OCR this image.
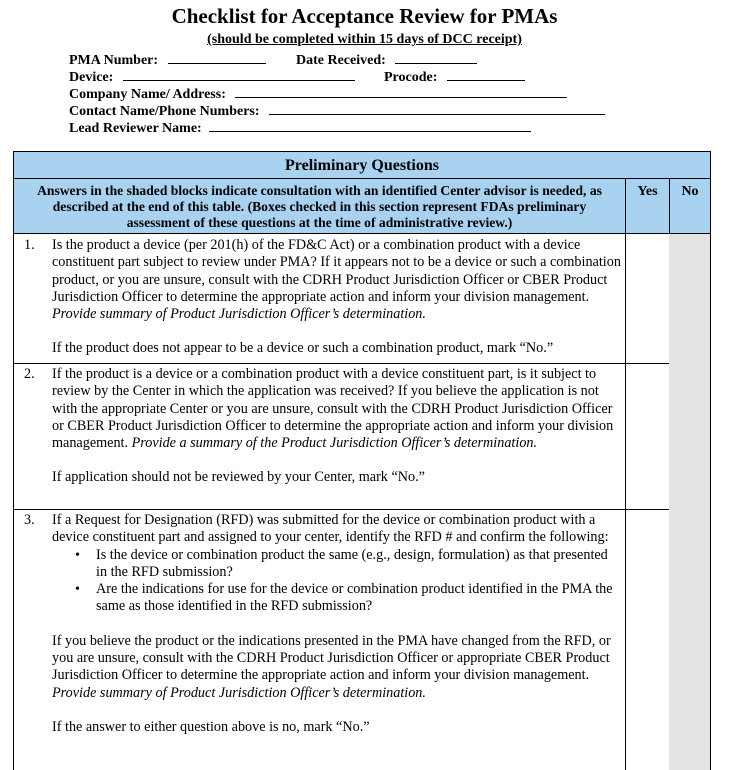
Checklist for Acceptance Review for PMAs
(should be completed within 15 days of DCC receipt)
PMA Number:	Date Received:
Device:	Procode:
Company Name/ Address:
Contact Name/Phone Numbers:
Lead Reviewer Name:
Preliminary Questions
Answers in the shaded blocks indicate consultation with an identified Center advisor is needed, as described at the end of this table. (Boxes checked in this section represent FDAs preliminary assessment of these questions at the time of administrative review.)
Yes	No
1. Is the product a device (per 201(h) of the FD&C Act) or a combination product with a device constituent part subject to review under PMA? If it appears not to be a device or such a combination product, or you are unsure, consult with the CDRH Product Jurisdiction Officer or CBER Product Jurisdiction Officer to determine the appropriate action and inform your division management. Provide summary of Product Jurisdiction Officer’s determination.
If the product does not appear to be a device or such a combination product, mark “No.”
2. If the product is a device or a combination product with a device constituent part, is it subject to review by the Center in which the application was received? If you believe the application is not with the appropriate Center or you are unsure, consult with the CDRH Product Jurisdiction Officer or CBER Product Jurisdiction Officer to determine the appropriate action and inform your division management. Provide a summary of the Product Jurisdiction Officer’s determination.
If application should not be reviewed by your Center, mark “No.”
3. If a Request for Designation (RFD) was submitted for the device or combination product with a device constituent part and assigned to your center, identify the RFD # and confirm the following:
• Is the device or combination product the same (e.g., design, formulation) as that presented in the RFD submission?
• Are the indications for use for the device or combination product identified in the PMA the same as those identified in the RFD submission?
If you believe the product or the indications presented in the PMA have changed from the RFD, or you are unsure, consult with the CDRH Product Jurisdiction Officer or appropriate CBER Product Jurisdiction Officer to determine the appropriate action and inform your division management. Provide summary of Product Jurisdiction Officer’s determination.
If the answer to either question above is no, mark “No.”
